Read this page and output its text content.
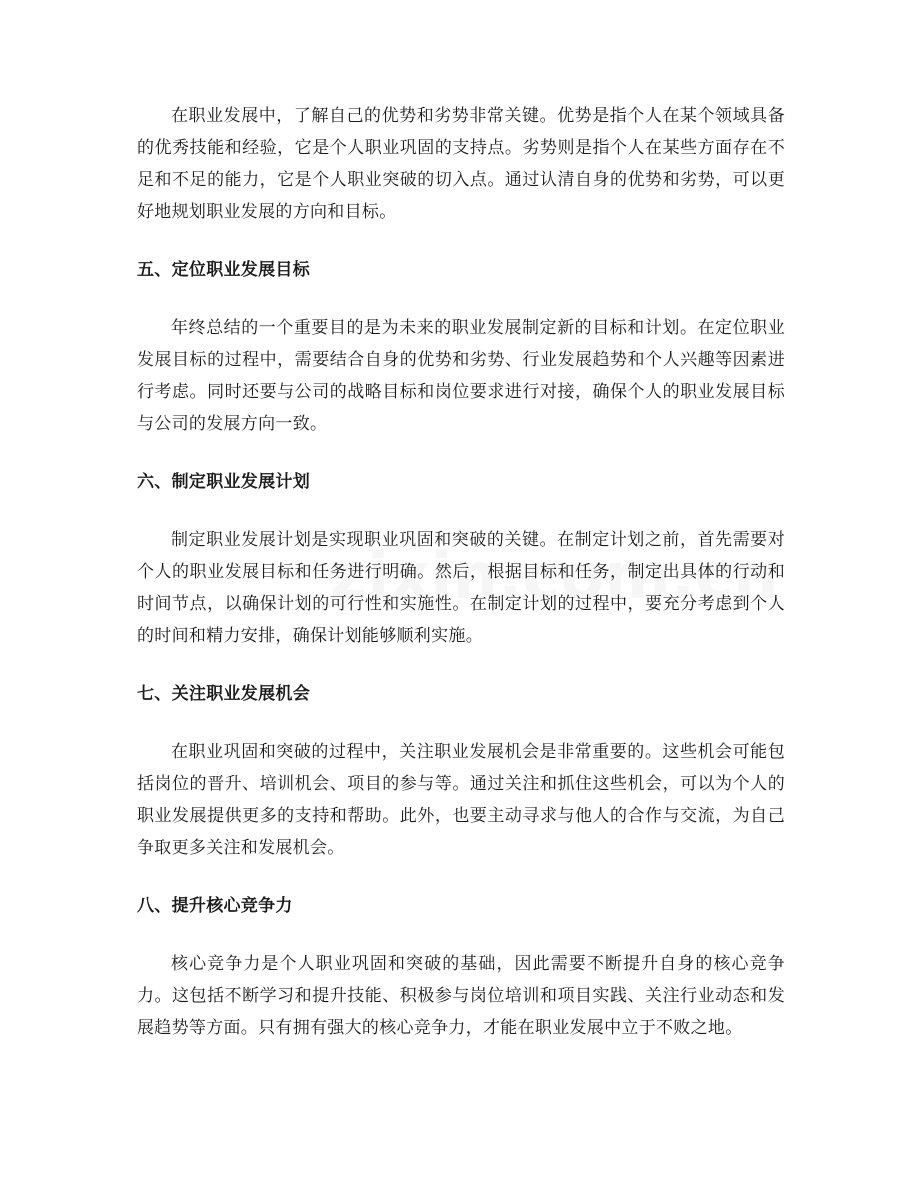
在职业发展中，了解自己的优势和劣势非常关键。优势是指个人在某个领域具备的优秀技能和经验，它是个人职业巩固的支持点。劣势则是指个人在某些方面存在不足和不足的能力，它是个人职业突破的切入点。通过认清自身的优势和劣势，可以更好地规划职业发展的方向和目标。

五、定位职业发展目标

年终总结的一个重要目的是为未来的职业发展制定新的目标和计划。在定位职业发展目标的过程中，需要结合自身的优势和劣势、行业发展趋势和个人兴趣等因素进行考虑。同时还要与公司的战略目标和岗位要求进行对接，确保个人的职业发展目标与公司的发展方向一致。

六、制定职业发展计划

制定职业发展计划是实现职业巩固和突破的关键。在制定计划之前，首先需要对个人的职业发展目标和任务进行明确。然后，根据目标和任务，制定出具体的行动和时间节点，以确保计划的可行性和实施性。在制定计划的过程中，要充分考虑到个人的时间和精力安排，确保计划能够顺利实施。

七、关注职业发展机会

在职业巩固和突破的过程中，关注职业发展机会是非常重要的。这些机会可能包括岗位的晋升、培训机会、项目的参与等。通过关注和抓住这些机会，可以为个人的职业发展提供更多的支持和帮助。此外，也要主动寻求与他人的合作与交流，为自己争取更多关注和发展机会。

八、提升核心竞争力

核心竞争力是个人职业巩固和突破的基础，因此需要不断提升自身的核心竞争力。这包括不断学习和提升技能、积极参与岗位培训和项目实践、关注行业动态和发展趋势等方面。只有拥有强大的核心竞争力，才能在职业发展中立于不败之地。
